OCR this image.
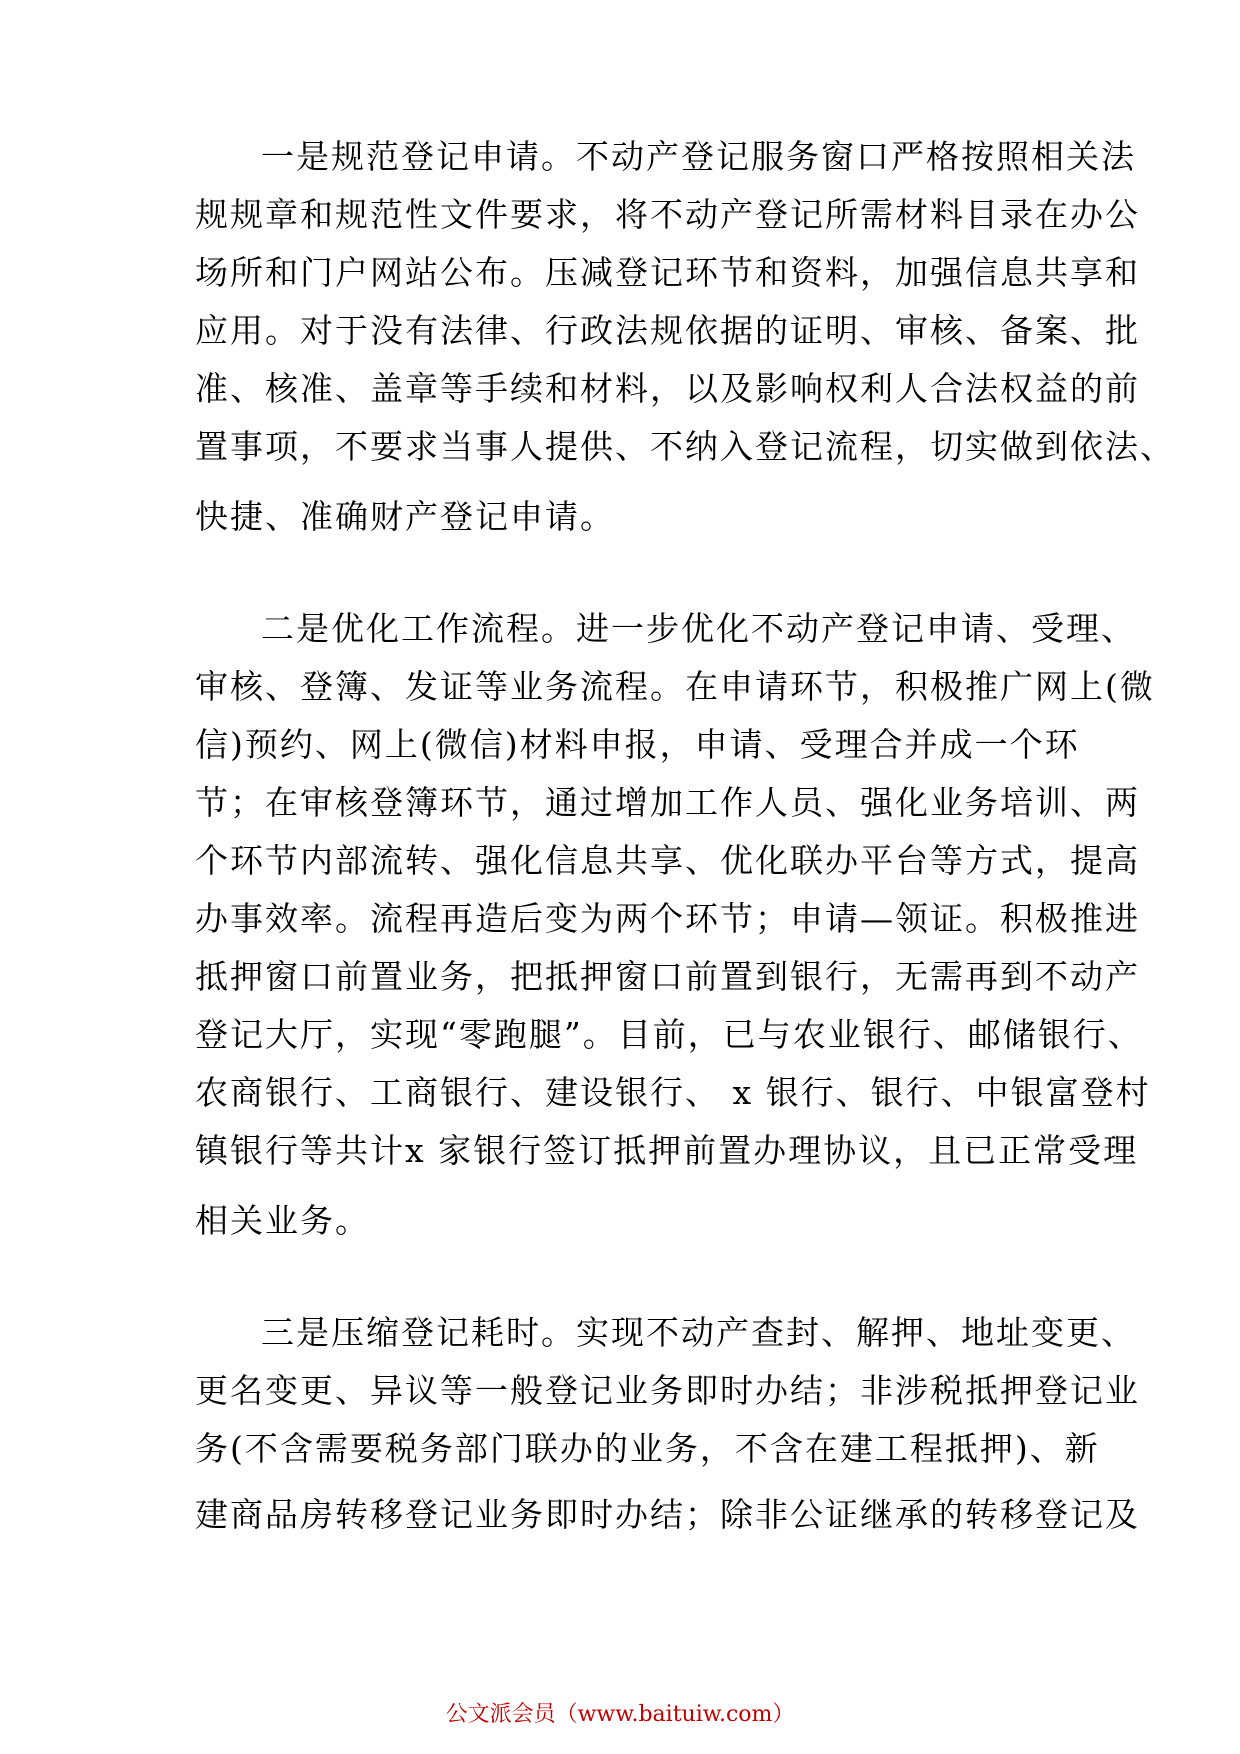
一是规范登记申请。不动产登记服务窗口严格按照相关法
规规章和规范性文件要求，将不动产登记所需材料目录在办公
场所和门户网站公布。压减登记环节和资料，加强信息共享和
应用。对于没有法律、行政法规依据的证明、审核、备案、批
准、核准、盖章等手续和材料，以及影响权利人合法权益的前
置事项，不要求当事人提供、不纳入登记流程，切实做到依法、
快捷、准确财产登记申请。

二是优化工作流程。进一步优化不动产登记申请、受理、
审核、登簿、发证等业务流程。在申请环节，积极推广网上(微
信)预约、网上(微信)材料申报，申请、受理合并成一个环
节；在审核登簿环节，通过增加工作人员、强化业务培训、两
个环节内部流转、强化信息共享、优化联办平台等方式，提高
办事效率。流程再造后变为两个环节；申请—领证。积极推进
抵押窗口前置业务，把抵押窗口前置到银行，无需再到不动产
登记大厅，实现“零跑腿”。目前，已与农业银行、邮储银行、
农商银行、工商银行、建设银行、 x 银行、银行、中银富登村
镇银行等共计x 家银行签订抵押前置办理协议，且已正常受理
相关业务。

三是压缩登记耗时。实现不动产查封、解押、地址变更、
更名变更、异议等一般登记业务即时办结；非涉税抵押登记业
务(不含需要税务部门联办的业务，不含在建工程抵押)、新
建商品房转移登记业务即时办结；除非公证继承的转移登记及

公文派会员（www.baituiw.com）
